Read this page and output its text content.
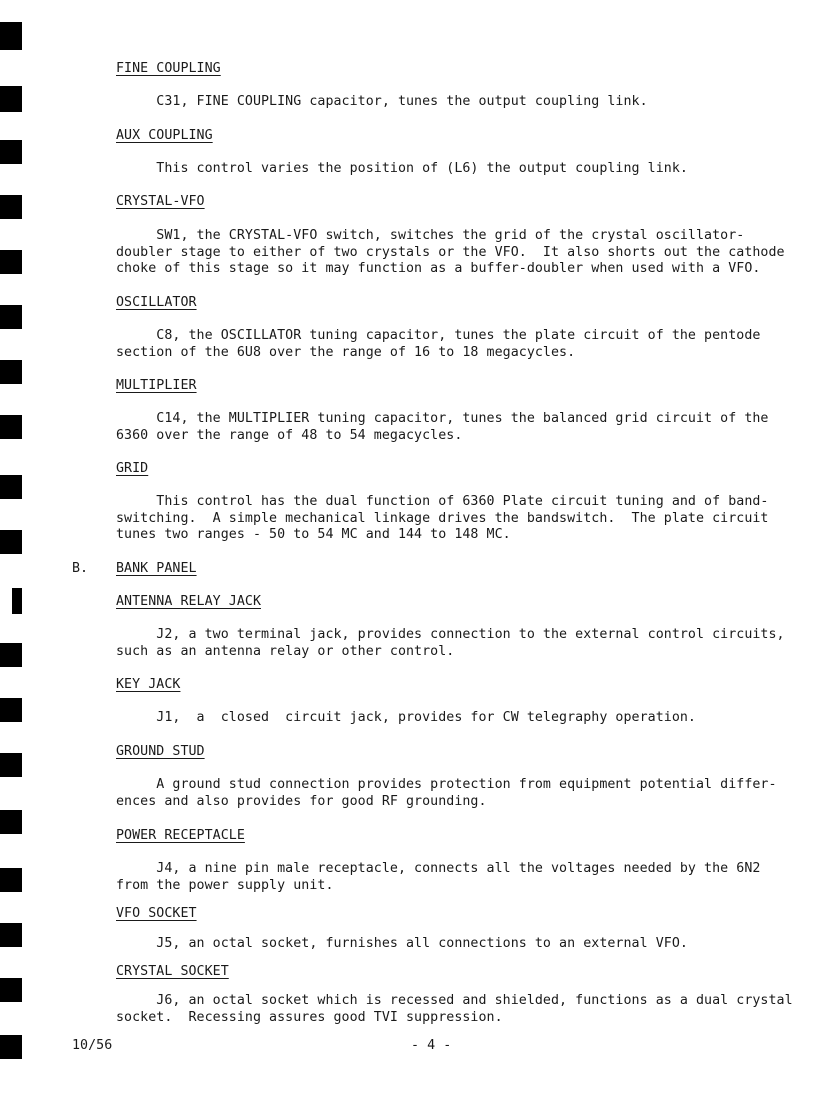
FINE COUPLING

C31, FINE COUPLING capacitor, tunes the output coupling link.

AUX COUPLING

This control varies the position of (L6) the output coupling link.

CRYSTAL-VFO

SW1, the CRYSTAL-VFO switch, switches the grid of the crystal oscillator-
doubler stage to either of two crystals or the VFO.  It also shorts out the cathode
choke of this stage so it may function as a buffer-doubler when used with a VFO.

OSCILLATOR

C8, the OSCILLATOR tuning capacitor, tunes the plate circuit of the pentode
section of the 6U8 over the range of 16 to 18 megacycles.

MULTIPLIER

C14, the MULTIPLIER tuning capacitor, tunes the balanced grid circuit of the
6360 over the range of 48 to 54 megacycles.

GRID

This control has the dual function of 6360 Plate circuit tuning and of band-
switching.  A simple mechanical linkage drives the bandswitch.  The plate circuit
tunes two ranges - 50 to 54 MC and 144 to 148 MC.

B. BANK PANEL

ANTENNA RELAY JACK

J2, a two terminal jack, provides connection to the external control circuits,
such as an antenna relay or other control.

KEY JACK

J1,  a  closed  circuit jack, provides for CW telegraphy operation.

GROUND STUD

A ground stud connection provides protection from equipment potential differ-
ences and also provides for good RF grounding.

POWER RECEPTACLE

J4, a nine pin male receptacle, connects all the voltages needed by the 6N2
from the power supply unit.

VFO SOCKET

J5, an octal socket, furnishes all connections to an external VFO.

CRYSTAL SOCKET

J6, an octal socket which is recessed and shielded, functions as a dual crystal
socket.  Recessing assures good TVI suppression.

10/56	- 4 -
